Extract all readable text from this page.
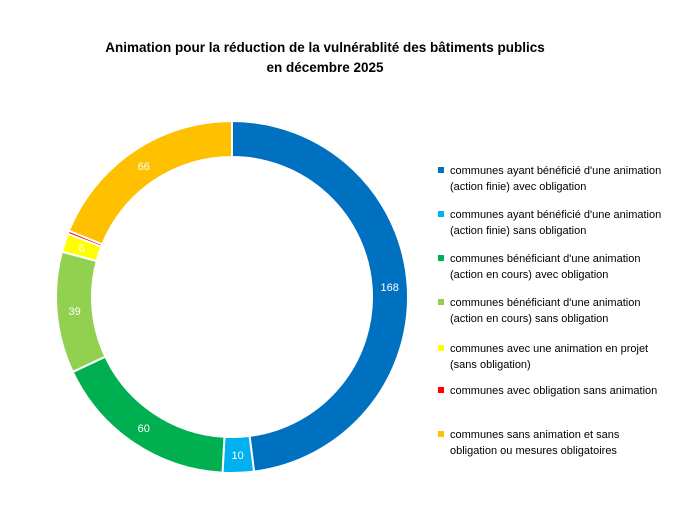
Animation pour la réduction de la vulnérablité des bâtiments publics
en décembre 2025
168
10
60
39
6
66	communes ayant bénéficié d'une animation (action finie) avec obligation
communes ayant bénéficié d'une animation (action finie) sans obligation
communes bénéficiant d'une animation (action en cours) avec obligation
communes bénéficiant d'une animation (action en cours) sans obligation
communes avec une animation en projet (sans obligation)
communes avec obligation sans animation
communes sans animation et sans obligation ou mesures obligatoires
